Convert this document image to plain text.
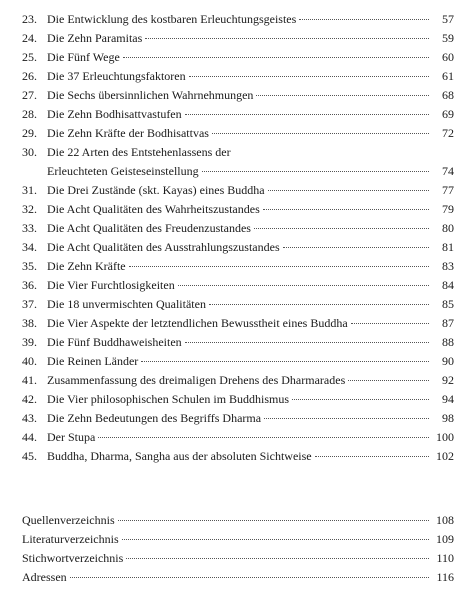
23. Die Entwicklung des kostbaren Erleuchtungsgeistes	57
24. Die Zehn Paramitas	59
25. Die Fünf Wege	60
26. Die 37 Erleuchtungsfaktoren	61
27. Die Sechs übersinnlichen Wahrnehmungen	68
28. Die Zehn Bodhisattvastufen	69
29. Die Zehn Kräfte der Bodhisattvas	72
30. Die 22 Arten des Entstehenlassens der
Erleuchteten Geisteseinstellung	74
31. Die Drei Zustände (skt. Kayas) eines Buddha	77
32. Die Acht Qualitäten des Wahrheitszustandes	79
33. Die Acht Qualitäten des Freudenzustandes	80
34. Die Acht Qualitäten des Ausstrahlungszustandes	81
35. Die Zehn Kräfte	83
36. Die Vier Furchtlosigkeiten	84
37. Die 18 unvermischten Qualitäten	85
38. Die Vier Aspekte der letztendlichen Bewusstheit eines Buddha	87
39. Die Fünf Buddhaweisheiten	88
40. Die Reinen Länder	90
41. Zusammenfassung des dreimaligen Drehens des Dharmarades	92
42. Die Vier philosophischen Schulen im Buddhismus	94
43. Die Zehn Bedeutungen des Begriffs Dharma	98
44. Der Stupa	100
45. Buddha, Dharma, Sangha aus der absoluten Sichtweise	102
Quellenverzeichnis	108
Literaturverzeichnis	109
Stichwortverzeichnis	110
Adressen	116
